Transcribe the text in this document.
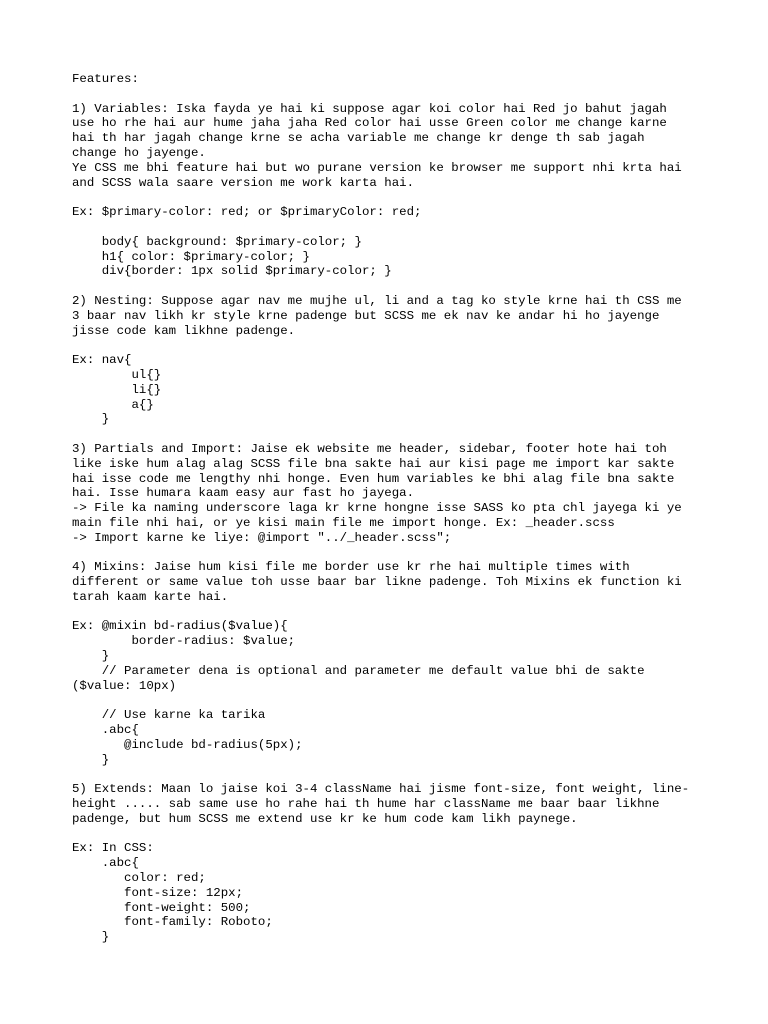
Features:
1) Variables: Iska fayda ye hai ki suppose agar koi color hai Red jo bahut jagah
use ho rhe hai aur hume jaha jaha Red color hai usse Green color me change karne
hai th har jagah change krne se acha variable me change kr denge th sab jagah
change ho jayenge.
Ye CSS me bhi feature hai but wo purane version ke browser me support nhi krta hai
and SCSS wala saare version me work karta hai.
Ex: $primary-color: red; or $primaryColor: red;
body{ background: $primary-color; }
h1{ color: $primary-color; }
div{border: 1px solid $primary-color; }
2) Nesting: Suppose agar nav me mujhe ul, li and a tag ko style krne hai th CSS me
3 baar nav likh kr style krne padenge but SCSS me ek nav ke andar hi ho jayenge
jisse code kam likhne padenge.
Ex: nav{
ul{}
li{}
a{}
}
3) Partials and Import: Jaise ek website me header, sidebar, footer hote hai toh
like iske hum alag alag SCSS file bna sakte hai aur kisi page me import kar sakte
hai isse code me lengthy nhi honge. Even hum variables ke bhi alag file bna sakte
hai. Isse humara kaam easy aur fast ho jayega.
-> File ka naming underscore laga kr krne hongne isse SASS ko pta chl jayega ki ye
main file nhi hai, or ye kisi main file me import honge. Ex: _header.scss
-> Import karne ke liye: @import "../_header.scss";
4) Mixins: Jaise hum kisi file me border use kr rhe hai multiple times with
different or same value toh usse baar bar likne padenge. Toh Mixins ek function ki
tarah kaam karte hai.
Ex: @mixin bd-radius($value){
border-radius: $value;
}
// Parameter dena is optional and parameter me default value bhi de sakte
($value: 10px)
// Use karne ka tarika
.abc{
@include bd-radius(5px);
}
5) Extends: Maan lo jaise koi 3-4 className hai jisme font-size, font weight, line-
height ..... sab same use ho rahe hai th hume har className me baar baar likhne
padenge, but hum SCSS me extend use kr ke hum code kam likh paynege.
Ex: In CSS:
.abc{
color: red;
font-size: 12px;
font-weight: 500;
font-family: Roboto;
}
